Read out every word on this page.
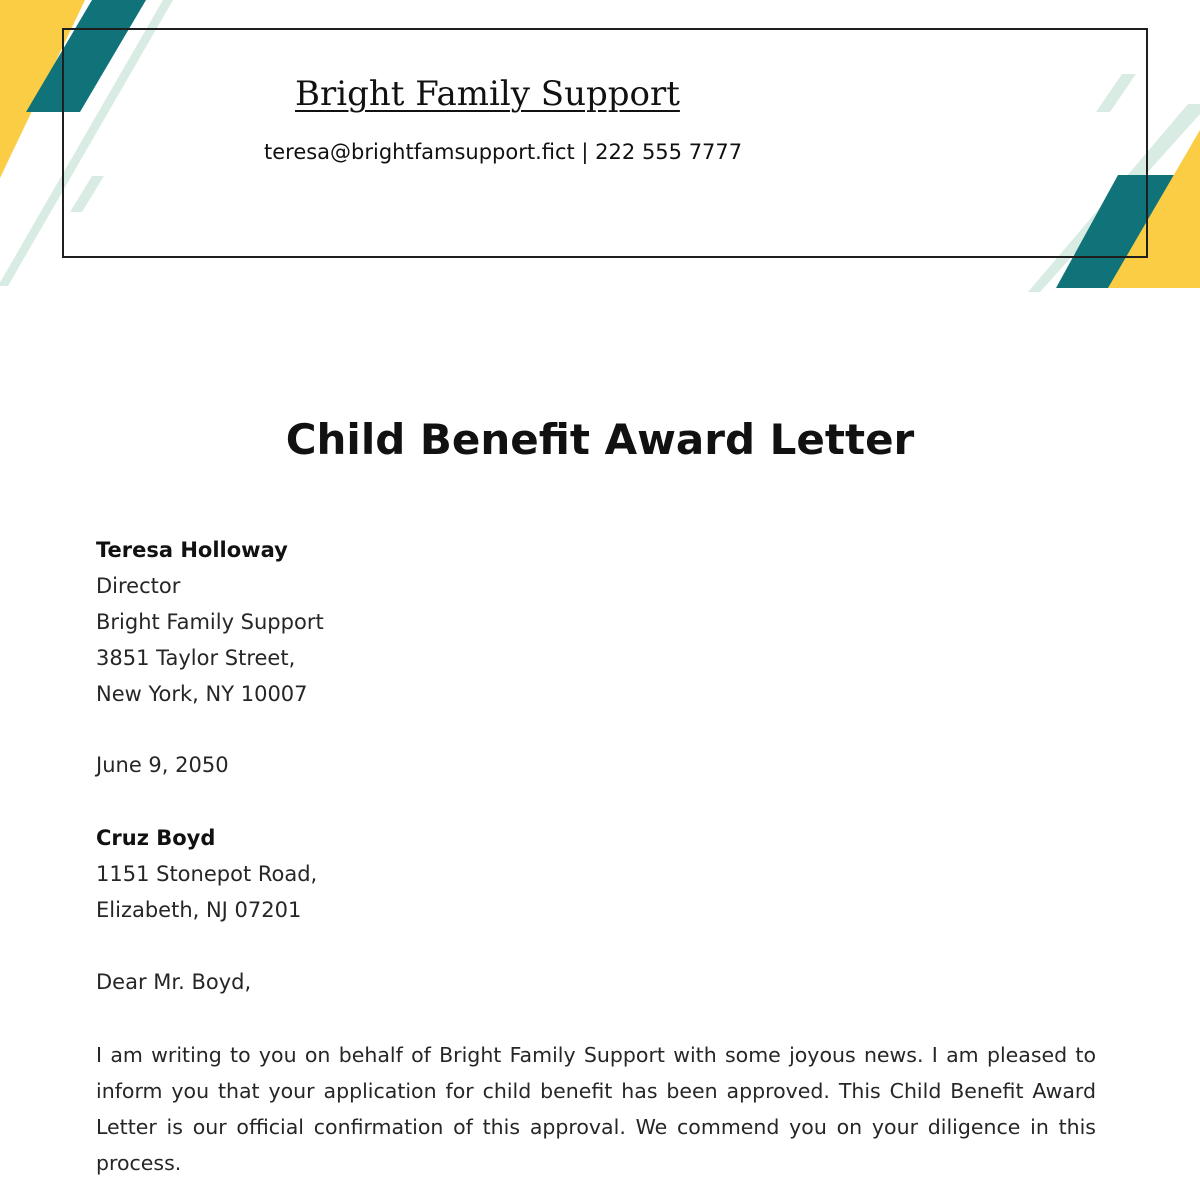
Bright Family Support
teresa@brightfamsupport.fict | 222 555 7777
Child Benefit Award Letter
Teresa Holloway
Director
Bright Family Support
3851 Taylor Street,
New York, NY 10007
June 9, 2050
Cruz Boyd
1151 Stonepot Road,
Elizabeth, NJ 07201
Dear Mr. Boyd,

I am writing to you on behalf of Bright Family Support with some joyous news. I am pleased to inform you that your application for child benefit has been approved. This Child Benefit Award Letter is our official confirmation of this approval. We commend you on your diligence in this process.
